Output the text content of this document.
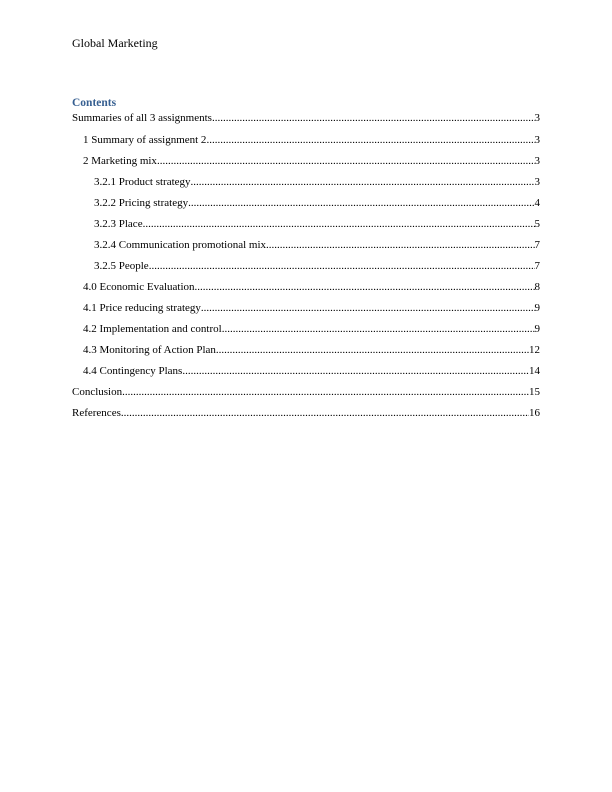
Global Marketing
Contents
Summaries of all 3 assignments .....	3
1 Summary of assignment 2 .....	3
2 Marketing mix .....	3
3.2.1 Product strategy .....	3
3.2.2 Pricing strategy .....	4
3.2.3 Place .....	5
3.2.4 Communication promotional mix .....	7
3.2.5 People .....	7
4.0 Economic Evaluation .....	8
4.1 Price reducing strategy .....	9
4.2 Implementation and control .....	9
4.3 Monitoring of Action Plan .....	12
4.4 Contingency Plans .....	14
Conclusion .....	15
References .....	16
